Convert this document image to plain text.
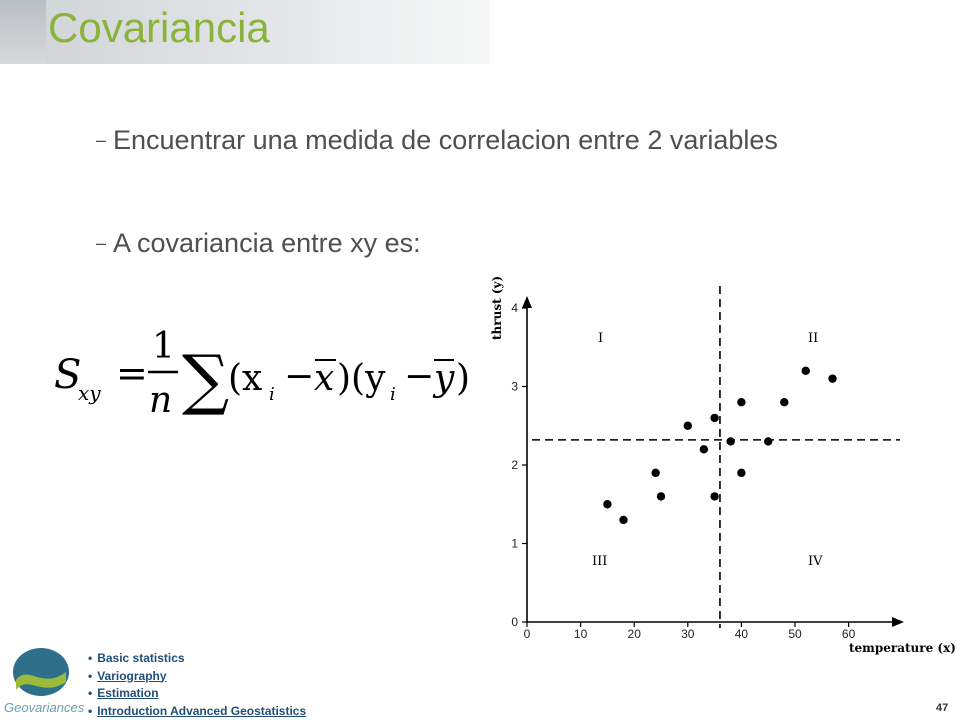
Covariancia
– Encuentrar una medida de correlacion entre 2 variables
– A covariancia entre xy es:
S
xy =
1
n ∑
(x i − x )(y i − y )
0	10	20	30	40	50	60
0
1
2
3
4
I	II
III	IV
temperature (x)
thrust (y)
Geovariances
• Basic statistics
• Variography
• Estimation
• Introduction Advanced Geostatistics	47
